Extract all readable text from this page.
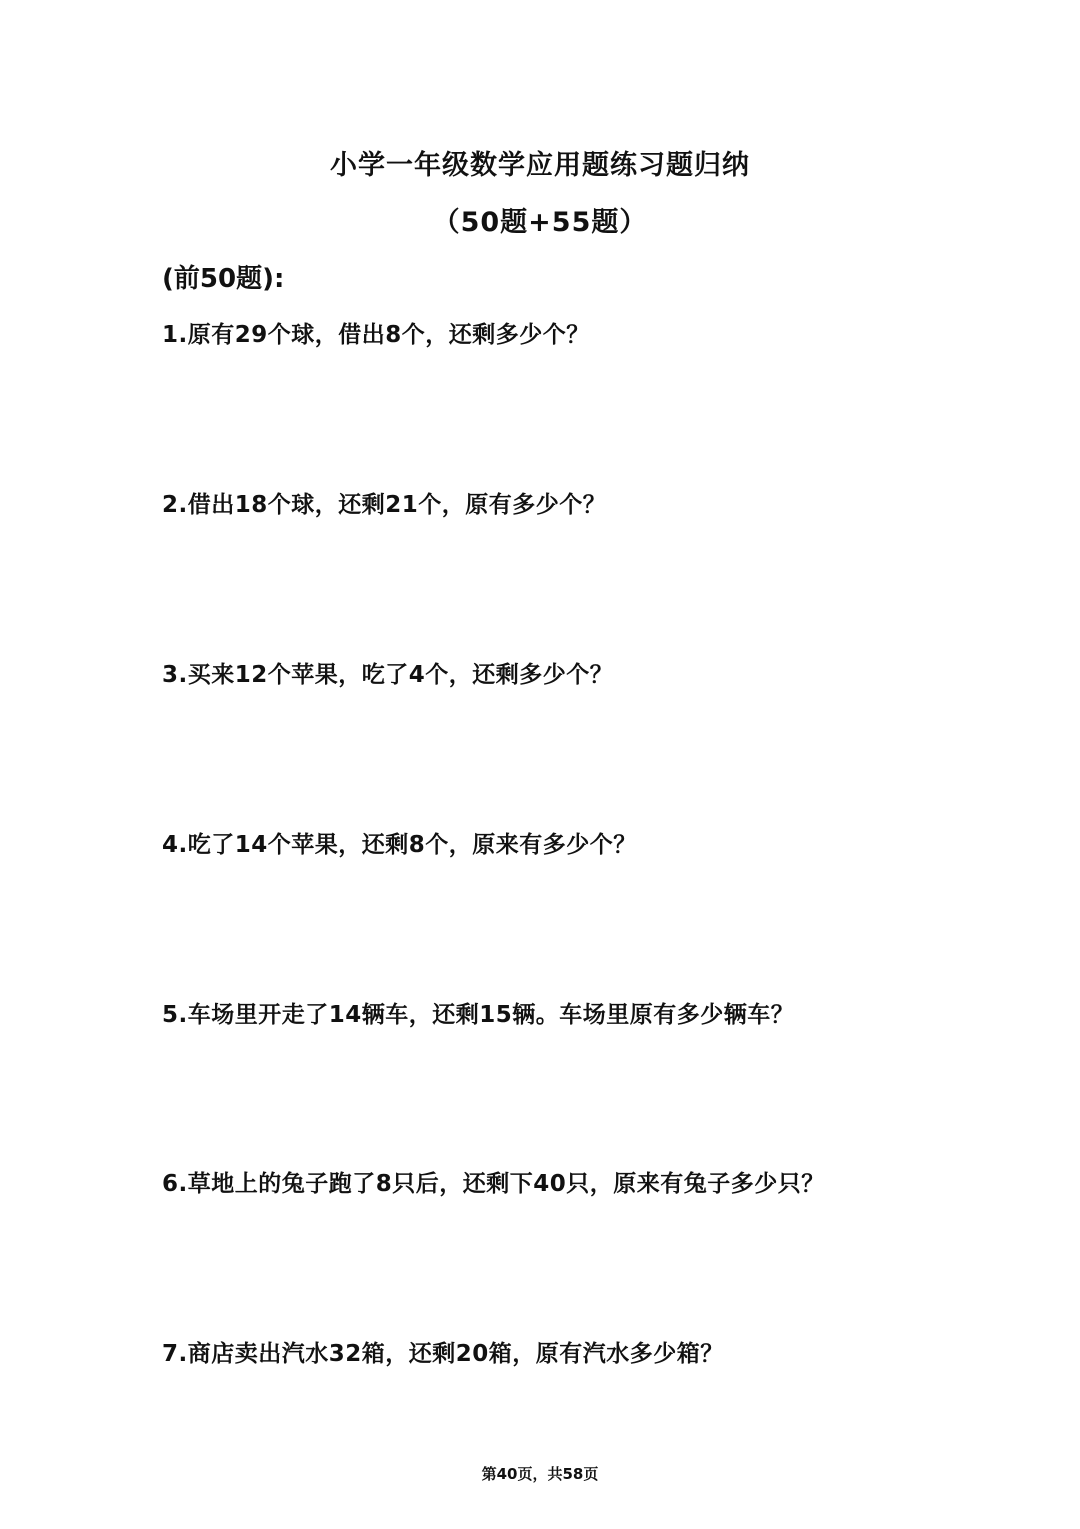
小学一年级数学应用题练习题归纳
（50题+55题）
(前50题):
1.原有29个球，借出8个，还剩多少个？
2.借出18个球，还剩21个，原有多少个？
3.买来12个苹果，吃了4个，还剩多少个？
4.吃了14个苹果，还剩8个，原来有多少个？
5.车场里开走了14辆车，还剩15辆。车场里原有多少辆车？
6.草地上的兔子跑了8只后，还剩下40只，原来有兔子多少只？
7.商店卖出汽水32箱，还剩20箱，原有汽水多少箱？
第40页，共58页
